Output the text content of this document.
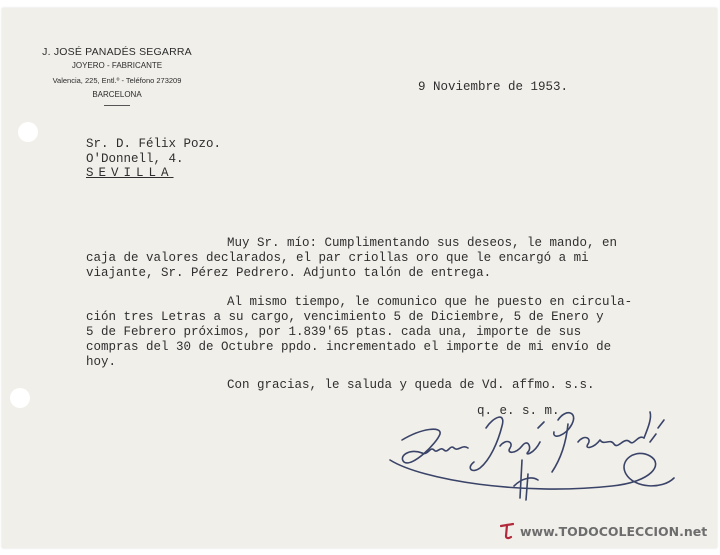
J. JOSÉ PANADÉS SEGARRA
JOYERO - FABRICANTE
Valencia, 225, Entl.º - Teléfono 273209
BARCELONA
9 Noviembre de 1953.
Sr. D. Félix Pozo.
O'Donnell, 4.
SEVILLA
Muy Sr. mío: Cumplimentando sus deseos, le mando, en
caja de valores declarados, el par criollas oro que le encargó a mi
viajante, Sr. Pérez Pedrero. Adjunto talón de entrega.
Al mismo tiempo, le comunico que he puesto en circula-
ción tres Letras a su cargo, vencimiento 5 de Diciembre, 5 de Enero y
5 de Febrero próximos, por 1.839'65 ptas. cada una, importe de sus
compras del 30 de Octubre ppdo. incrementado el importe de mi envío de
hoy.
Con gracias, le saluda y queda de Vd. affmo. s.s.
q. e. s. m.
www.TODOCOLECCION.net
